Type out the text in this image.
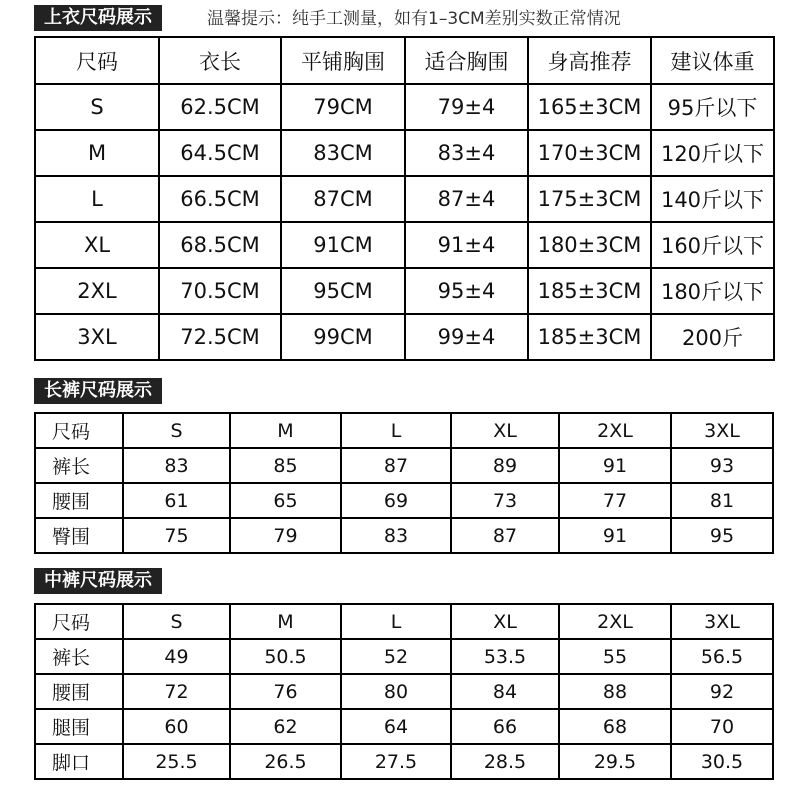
上衣尺码展示	温馨提示：纯手工测量，如有1–3CM差别实数正常情况
尺码	衣长	平铺胸围	适合胸围	身高推荐	建议体重
S	62.5CM	79CM	79±4	165±3CM	95斤以下
M	64.5CM	83CM	83±4	170±3CM	120斤以下
L	66.5CM	87CM	87±4	175±3CM	140斤以下
XL	68.5CM	91CM	91±4	180±3CM	160斤以下
2XL	70.5CM	95CM	95±4	185±3CM	180斤以下
3XL	72.5CM	99CM	99±4	185±3CM	200斤
长裤尺码展示
尺码	S	M	L	XL	2XL	3XL
裤长	83	85	87	89	91	93
腰围	61	65	69	73	77	81
臀围	75	79	83	87	91	95
中裤尺码展示
尺码	S	M	L	XL	2XL	3XL
裤长	49	50.5	52	53.5	55	56.5
腰围	72	76	80	84	88	92
腿围	60	62	64	66	68	70
脚口	25.5	26.5	27.5	28.5	29.5	30.5
